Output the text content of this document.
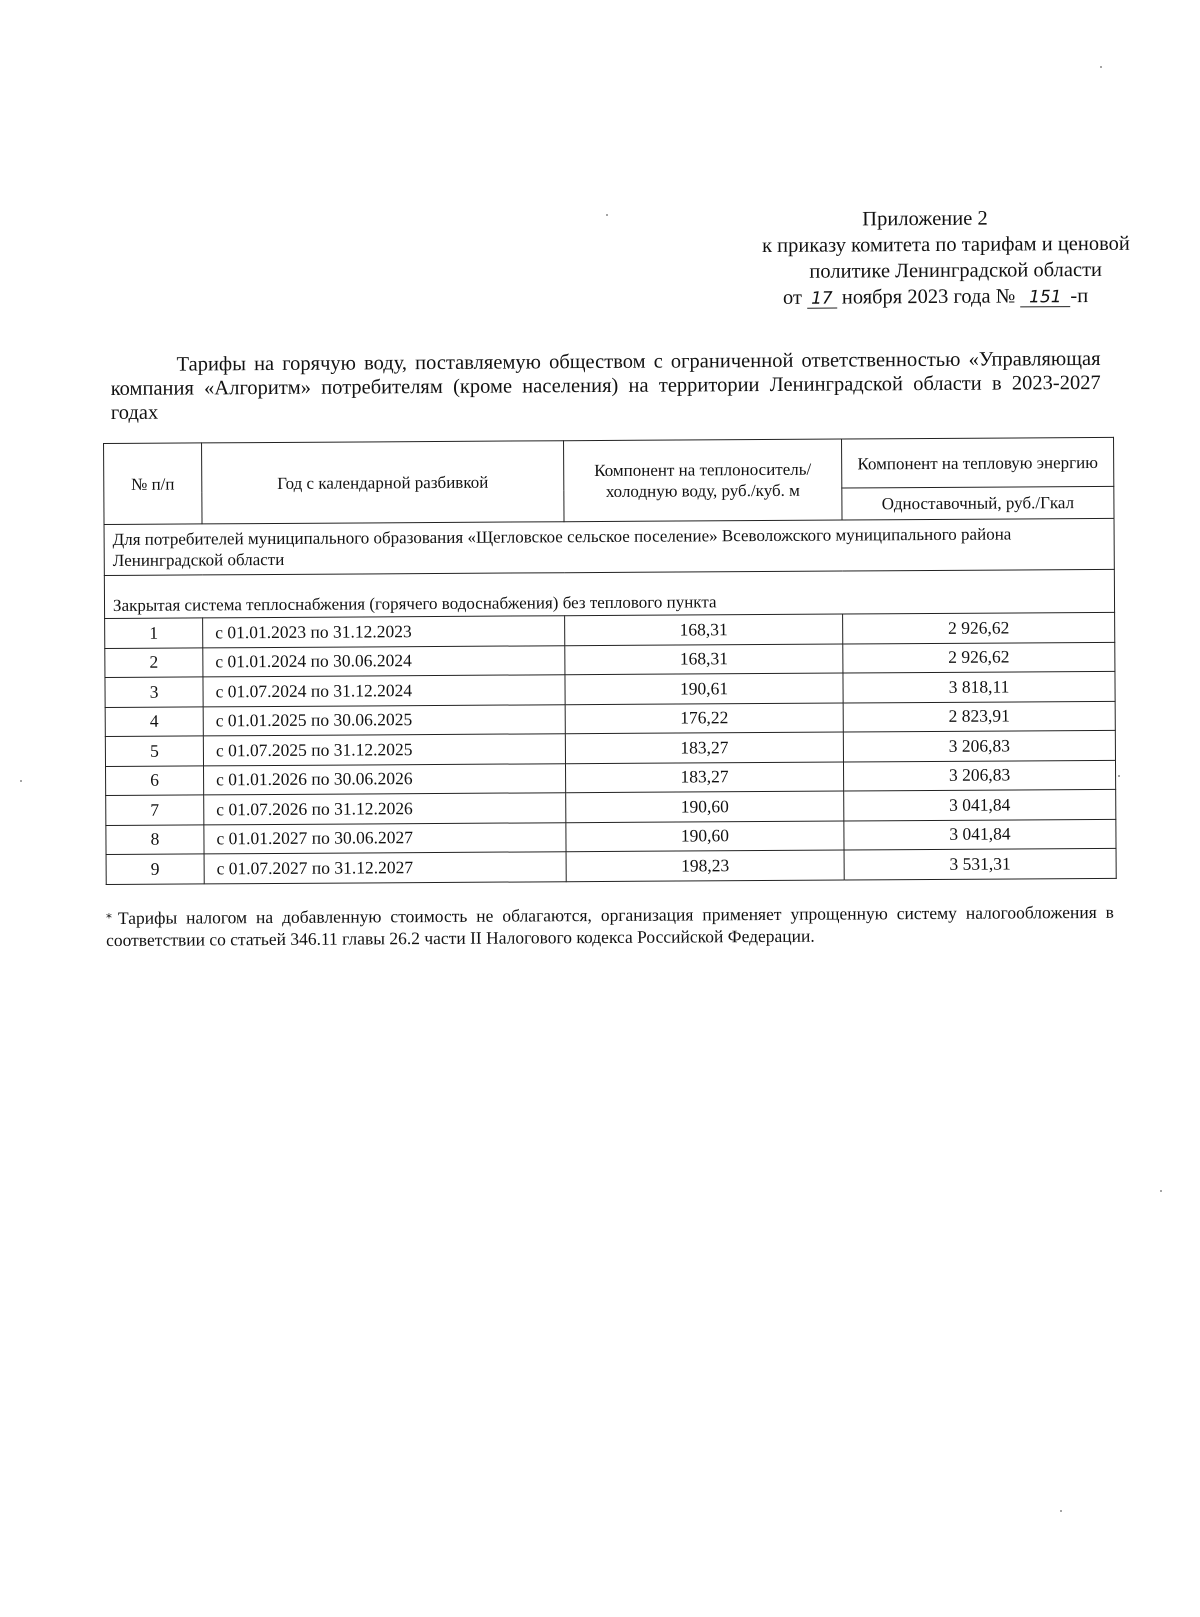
Приложение 2
к приказу комитета по тарифам и ценовой
политике Ленинградской области
от 17 ноября 2023 года № 151 -п
Тарифы на горячую воду, поставляемую обществом с ограниченной ответственностью «Управляющая компания «Алгоритм» потребителям (кроме населения) на территории Ленинградской области в 2023-2027 годах
№ п/п	Год с календарной разбивкой	Компонент на теплоноситель/ холодную воду, руб./куб. м	Компонент на тепловую энергию
			Одноставочный, руб./Гкал
Для потребителей муниципального образования «Щегловское сельское поселение» Всеволожского муниципального района Ленинградской области			
Закрытая система теплоснабжения (горячего водоснабжения) без теплового пункта			
1	с 01.01.2023 по 31.12.2023	168,31	2 926,62
2	с 01.01.2024 по 30.06.2024	168,31	2 926,62
3	с 01.07.2024 по 31.12.2024	190,61	3 818,11
4	с 01.01.2025 по 30.06.2025	176,22	2 823,91
5	с 01.07.2025 по 31.12.2025	183,27	3 206,83
6	с 01.01.2026 по 30.06.2026	183,27	3 206,83
7	с 01.07.2026 по 31.12.2026	190,60	3 041,84
8	с 01.01.2027 по 30.06.2027	190,60	3 041,84
9	с 01.07.2027 по 31.12.2027	198,23	3 531,31
* Тарифы налогом на добавленную стоимость не облагаются, организация применяет упрощенную систему налогообложения в соответствии со статьей 346.11 главы 26.2 части II Налогового кодекса Российской Федерации.
